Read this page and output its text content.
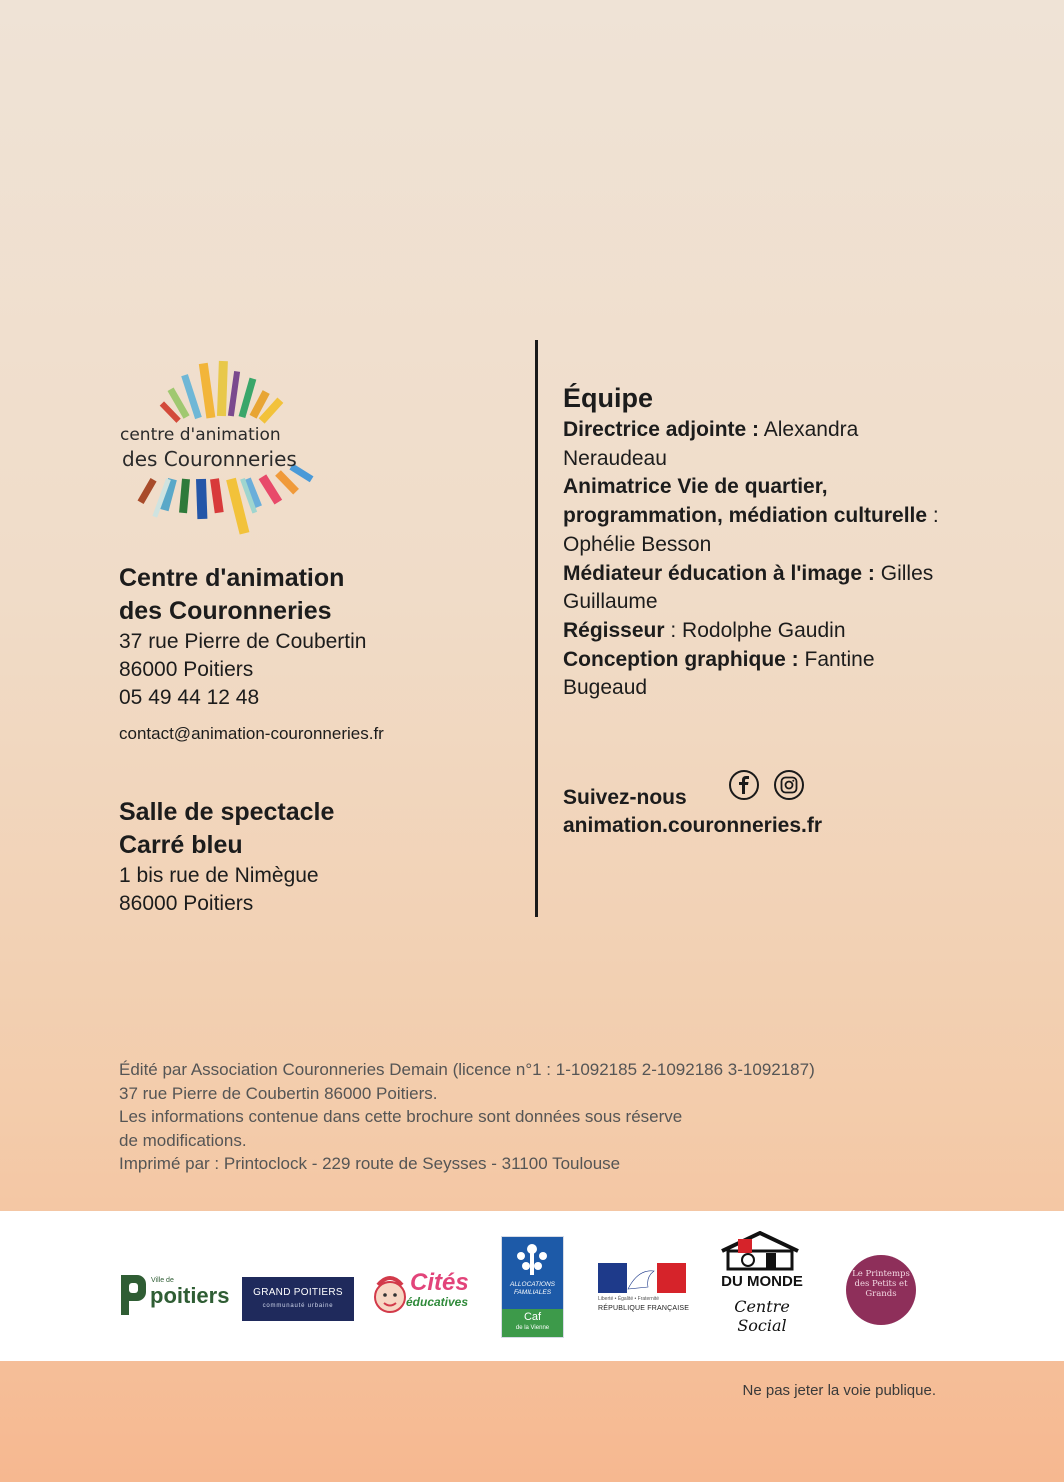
centre d'animation
des Couronneries

Centre d'animation

des Couronneries

37 rue Pierre de Coubertin

86000 Poitiers

05 49 44 12 48

contact@animation-couronneries.fr

Salle de spectacle

Carré bleu

1 bis rue de Nimègue

86000 Poitiers

Équipe

Directrice adjointe : Alexandra Neraudeau

Animatrice Vie de quartier, programmation, médiation culturelle : Ophélie Besson

Médiateur éducation à l'image : Gilles Guillaume

Régisseur : Rodolphe Gaudin

Conception graphique : Fantine Bugeaud

Suivez-nous
animation.couronneries.fr

Édité par Association Couronneries Demain (licence n°1 : 1-1092185 2-1092186 3-1092187)

37 rue Pierre de Coubertin 86000 Poitiers.

Les informations contenue dans cette brochure sont données sous réserve

de modifications.

Imprimé par : Printoclock - 229 route de Seysses - 31100 Toulouse

Ville de
poitiers	GRAND POITIERS
communauté urbaine
Cités
éducatives
ALLOCATIONS FAMILIALES
Caf
de la Vienne
Liberté • Égalité • Fraternité
RÉPUBLIQUE FRANÇAISE
DU MONDE
Centre Social
Le Printemps des Petits et Grands
Ne pas jeter la voie publique.
